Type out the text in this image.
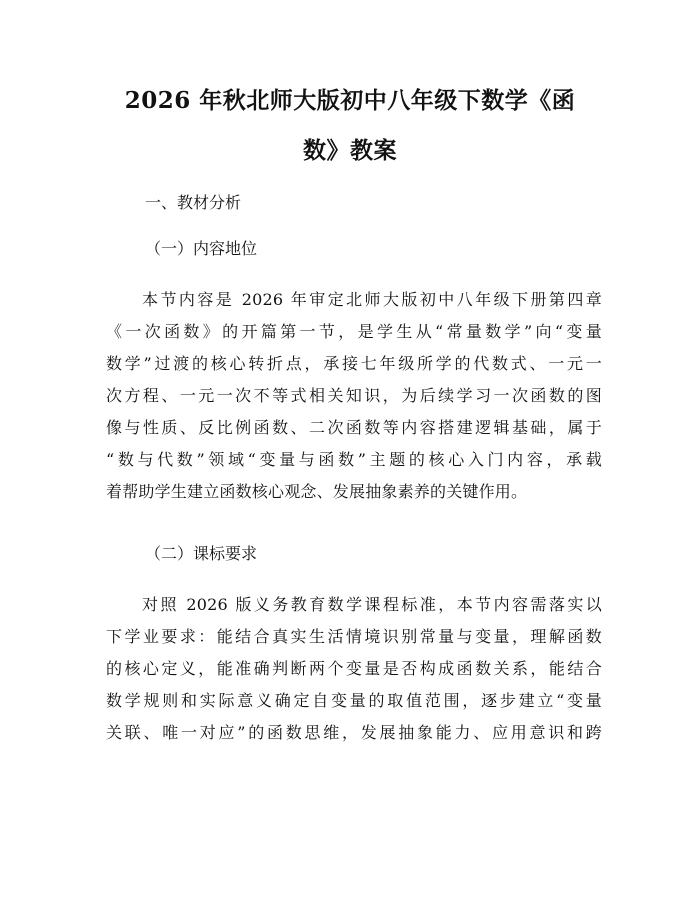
2026 年秋北师大版初中八年级下数学《函
数》教案

一、教材分析

（一）内容地位

本节内容是 2026 年审定北师大版初中八年级下册第四章
《一次函数》的开篇第一节，是学生从“常量数学”向“变量
数学”过渡的核心转折点，承接七年级所学的代数式、一元一
次方程、一元一次不等式相关知识，为后续学习一次函数的图
像与性质、反比例函数、二次函数等内容搭建逻辑基础，属于
“数与代数”领域“变量与函数”主题的核心入门内容，承载
着帮助学生建立函数核心观念、发展抽象素养的关键作用。

（二）课标要求

对照 2026 版义务教育数学课程标准，本节内容需落实以
下学业要求：能结合真实生活情境识别常量与变量，理解函数
的核心定义，能准确判断两个变量是否构成函数关系，能结合
数学规则和实际意义确定自变量的取值范围，逐步建立“变量
关联、唯一对应”的函数思维，发展抽象能力、应用意识和跨
